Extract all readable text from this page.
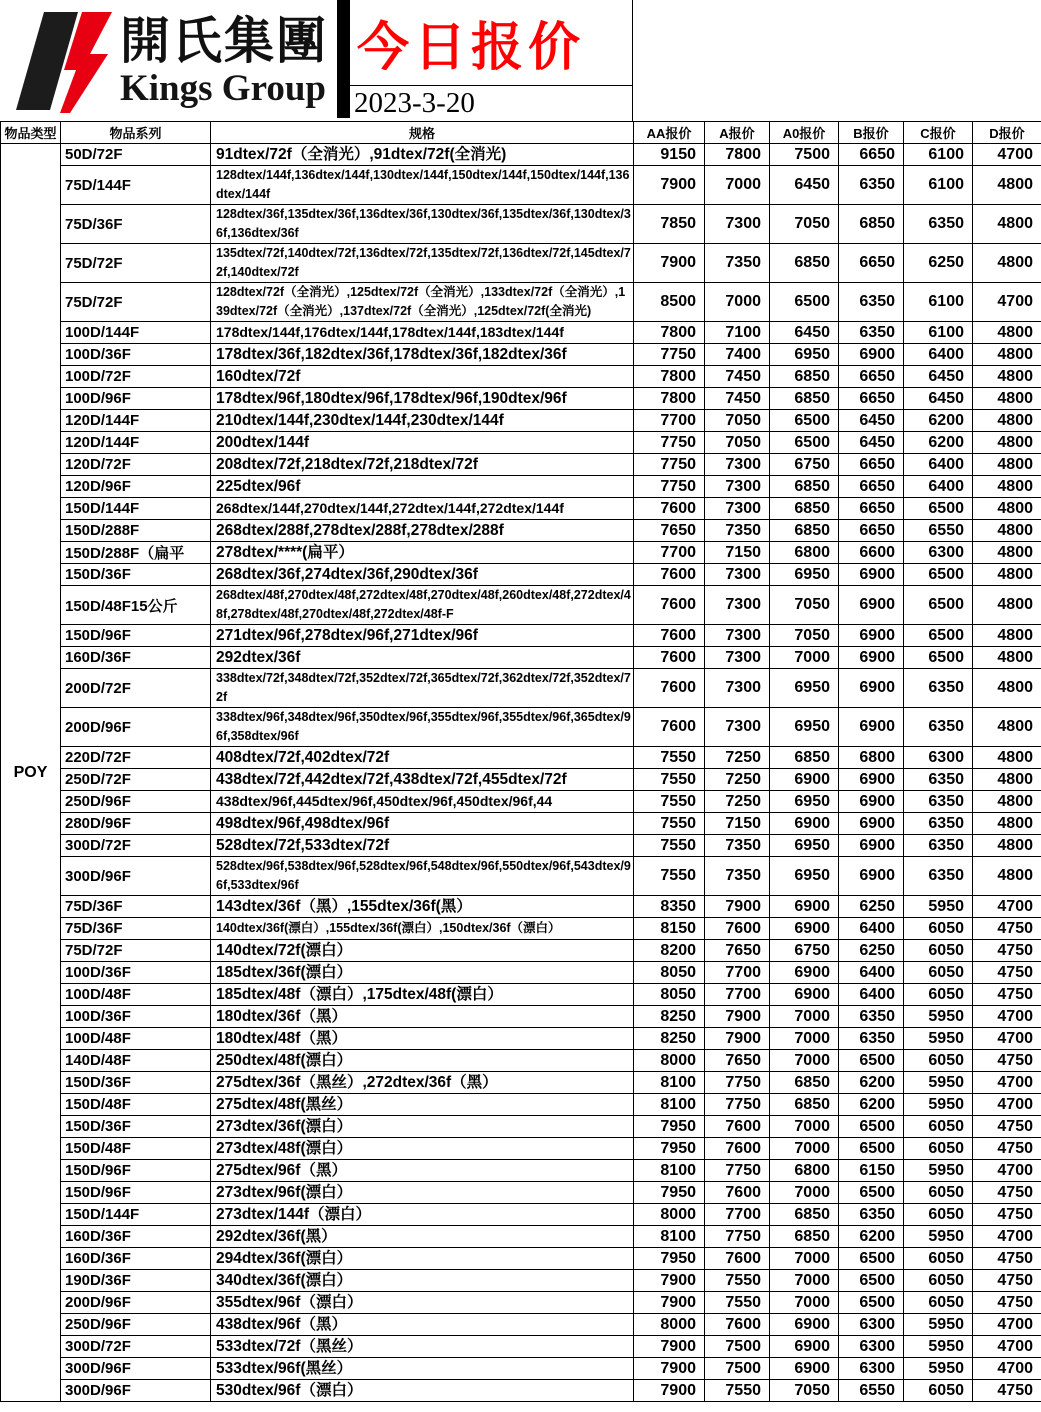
開氏集團
Kings Group
今日报价
2023-3-20
物品类型	物品系列	规格	AA报价	A报价	A0报价	B报价	C报价	D报价
POY	50D/72F	91dtex/72f（全消光）,91dtex/72f(全消光)	9150	7800	7500	6650	6100	4700
	75D/144F	128dtex/144f,136dtex/144f,130dtex/144f,150dtex/144f,150dtex/144f,136dtex/144f	7900	7000	6450	6350	6100	4800
	75D/36F	128dtex/36f,135dtex/36f,136dtex/36f,130dtex/36f,135dtex/36f,130dtex/36f,136dtex/36f	7850	7300	7050	6850	6350	4800
	75D/72F	135dtex/72f,140dtex/72f,136dtex/72f,135dtex/72f,136dtex/72f,145dtex/72f,140dtex/72f	7900	7350	6850	6650	6250	4800
	75D/72F	128dtex/72f（全消光）,125dtex/72f（全消光）,133dtex/72f（全消光）,139dtex/72f（全消光）,137dtex/72f（全消光）,125dtex/72f(全消光)	8500	7000	6500	6350	6100	4700
	100D/144F	178dtex/144f,176dtex/144f,178dtex/144f,183dtex/144f	7800	7100	6450	6350	6100	4800
	100D/36F	178dtex/36f,182dtex/36f,178dtex/36f,182dtex/36f	7750	7400	6950	6900	6400	4800
	100D/72F	160dtex/72f	7800	7450	6850	6650	6450	4800
	100D/96F	178dtex/96f,180dtex/96f,178dtex/96f,190dtex/96f	7800	7450	6850	6650	6450	4800
	120D/144F	210dtex/144f,230dtex/144f,230dtex/144f	7700	7050	6500	6450	6200	4800
	120D/144F	200dtex/144f	7750	7050	6500	6450	6200	4800
	120D/72F	208dtex/72f,218dtex/72f,218dtex/72f	7750	7300	6750	6650	6400	4800
	120D/96F	225dtex/96f	7750	7300	6850	6650	6400	4800
	150D/144F	268dtex/144f,270dtex/144f,272dtex/144f,272dtex/144f	7600	7300	6850	6650	6500	4800
	150D/288F	268dtex/288f,278dtex/288f,278dtex/288f	7650	7350	6850	6650	6550	4800
	150D/288F（扁平	278dtex/****(扁平）	7700	7150	6800	6600	6300	4800
	150D/36F	268dtex/36f,274dtex/36f,290dtex/36f	7600	7300	6950	6900	6500	4800
	150D/48F15公斤	268dtex/48f,270dtex/48f,272dtex/48f,270dtex/48f,260dtex/48f,272dtex/48f,278dtex/48f,270dtex/48f,272dtex/48f-F	7600	7300	7050	6900	6500	4800
	150D/96F	271dtex/96f,278dtex/96f,271dtex/96f	7600	7300	7050	6900	6500	4800
	160D/36F	292dtex/36f	7600	7300	7000	6900	6500	4800
	200D/72F	338dtex/72f,348dtex/72f,352dtex/72f,365dtex/72f,362dtex/72f,352dtex/72f	7600	7300	6950	6900	6350	4800
	200D/96F	338dtex/96f,348dtex/96f,350dtex/96f,355dtex/96f,355dtex/96f,365dtex/96f,358dtex/96f	7600	7300	6950	6900	6350	4800
	220D/72F	408dtex/72f,402dtex/72f	7550	7250	6850	6800	6300	4800
	250D/72F	438dtex/72f,442dtex/72f,438dtex/72f,455dtex/72f	7550	7250	6900	6900	6350	4800
	250D/96F	438dtex/96f,445dtex/96f,450dtex/96f,450dtex/96f,44	7550	7250	6950	6900	6350	4800
	280D/96F	498dtex/96f,498dtex/96f	7550	7150	6900	6900	6350	4800
	300D/72F	528dtex/72f,533dtex/72f	7550	7350	6950	6900	6350	4800
	300D/96F	528dtex/96f,538dtex/96f,528dtex/96f,548dtex/96f,550dtex/96f,543dtex/96f,533dtex/96f	7550	7350	6950	6900	6350	4800
	75D/36F	143dtex/36f（黑）,155dtex/36f(黑）	8350	7900	6900	6250	5950	4700
	75D/36F	140dtex/36f(漂白）,155dtex/36f(漂白）,150dtex/36f（漂白）	8150	7600	6900	6400	6050	4750
	75D/72F	140dtex/72f(漂白）	8200	7650	6750	6250	6050	4750
	100D/36F	185dtex/36f(漂白）	8050	7700	6900	6400	6050	4750
	100D/48F	185dtex/48f（漂白）,175dtex/48f(漂白）	8050	7700	6900	6400	6050	4750
	100D/36F	180dtex/36f（黑）	8250	7900	7000	6350	5950	4700
	100D/48F	180dtex/48f（黑）	8250	7900	7000	6350	5950	4700
	140D/48F	250dtex/48f(漂白）	8000	7650	7000	6500	6050	4750
	150D/36F	275dtex/36f（黑丝）,272dtex/36f（黑）	8100	7750	6850	6200	5950	4700
	150D/48F	275dtex/48f(黑丝）	8100	7750	6850	6200	5950	4700
	150D/36F	273dtex/36f(漂白）	7950	7600	7000	6500	6050	4750
	150D/48F	273dtex/48f(漂白）	7950	7600	7000	6500	6050	4750
	150D/96F	275dtex/96f（黑）	8100	7750	6800	6150	5950	4700
	150D/96F	273dtex/96f(漂白）	7950	7600	7000	6500	6050	4750
	150D/144F	273dtex/144f（漂白）	8000	7700	6850	6350	6050	4750
	160D/36F	292dtex/36f(黑）	8100	7750	6850	6200	5950	4700
	160D/36F	294dtex/36f(漂白）	7950	7600	7000	6500	6050	4750
	190D/36F	340dtex/36f(漂白）	7900	7550	7000	6500	6050	4750
	200D/96F	355dtex/96f（漂白）	7900	7550	7000	6500	6050	4750
	250D/96F	438dtex/96f（黑）	8000	7600	6900	6300	5950	4700
	300D/72F	533dtex/72f（黑丝）	7900	7500	6900	6300	5950	4700
	300D/96F	533dtex/96f(黑丝）	7900	7500	6900	6300	5950	4700
	300D/96F	530dtex/96f（漂白）	7900	7550	7050	6550	6050	4750
